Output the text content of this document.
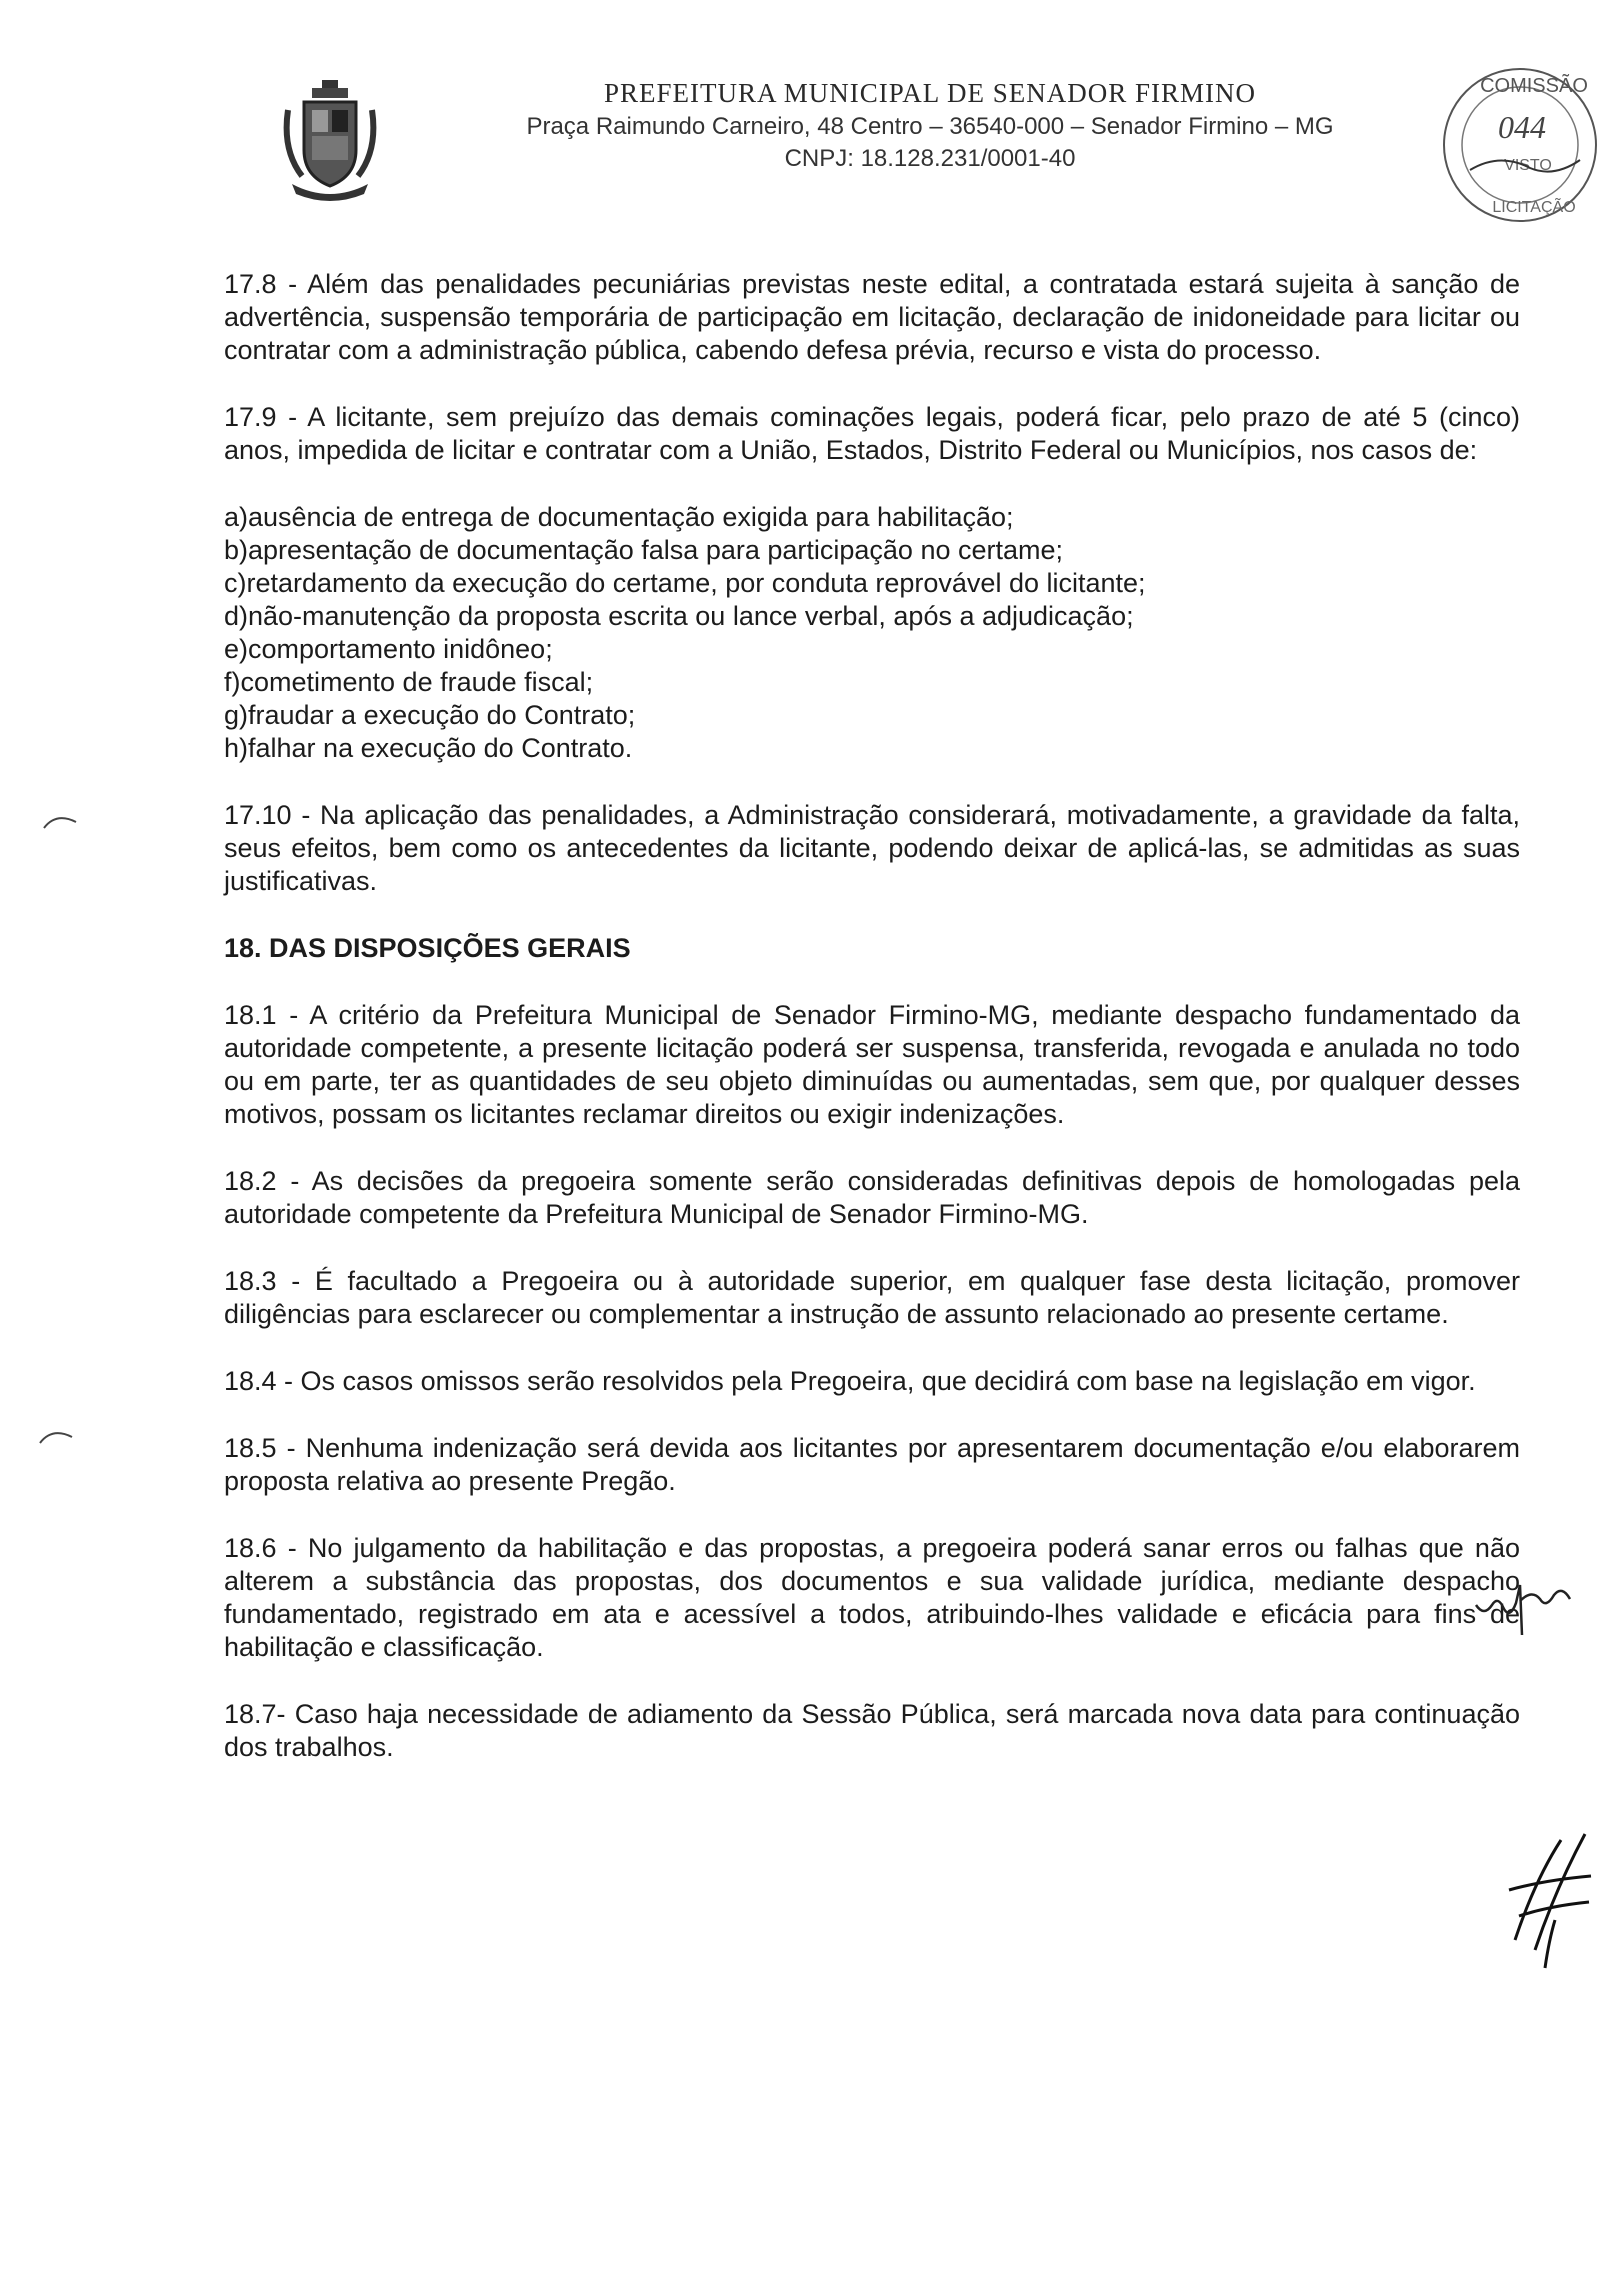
PREFEITURA MUNICIPAL DE SENADOR FIRMINO
Praça Raimundo Carneiro, 48 Centro – 36540-000 – Senador Firmino – MG
CNPJ: 18.128.231/0001-40
COMISSÃO
044
VISTO
LICITAÇÃO

17.8 - Além das penalidades pecuniárias previstas neste edital, a contratada estará sujeita à sanção de advertência, suspensão temporária de participação em licitação, declaração de inidoneidade para licitar ou contratar com a administração pública, cabendo defesa prévia, recurso e vista do processo.

17.9 - A licitante, sem prejuízo das demais cominações legais, poderá ficar, pelo prazo de até 5 (cinco) anos, impedida de licitar e contratar com a União, Estados, Distrito Federal ou Municípios, nos casos de:

a)ausência de entrega de documentação exigida para habilitação;
b)apresentação de documentação falsa para participação no certame;
c)retardamento da execução do certame, por conduta reprovável do licitante;
d)não-manutenção da proposta escrita ou lance verbal, após a adjudicação;
e)comportamento inidôneo;
f)cometimento de fraude fiscal;
g)fraudar a execução do Contrato;
h)falhar na execução do Contrato.

17.10 - Na aplicação das penalidades, a Administração considerará, motivadamente, a gravidade da falta, seus efeitos, bem como os antecedentes da licitante, podendo deixar de aplicá-las, se admitidas as suas justificativas.

18. DAS DISPOSIÇÕES GERAIS

18.1 - A critério da Prefeitura Municipal de Senador Firmino-MG, mediante despacho fundamentado da autoridade competente, a presente licitação poderá ser suspensa, transferida, revogada e anulada no todo ou em parte, ter as quantidades de seu objeto diminuídas ou aumentadas, sem que, por qualquer desses motivos, possam os licitantes reclamar direitos ou exigir indenizações.

18.2 - As decisões da pregoeira somente serão consideradas definitivas depois de homologadas pela autoridade competente da Prefeitura Municipal de Senador Firmino-MG.

18.3 - É facultado a Pregoeira ou à autoridade superior, em qualquer fase desta licitação, promover diligências para esclarecer ou complementar a instrução de assunto relacionado ao presente certame.

18.4 - Os casos omissos serão resolvidos pela Pregoeira, que decidirá com base na legislação em vigor.

18.5 - Nenhuma indenização será devida aos licitantes por apresentarem documentação e/ou elaborarem proposta relativa ao presente Pregão.

18.6 - No julgamento da habilitação e das propostas, a pregoeira poderá sanar erros ou falhas que não alterem a substância das propostas, dos documentos e sua validade jurídica, mediante despacho fundamentado, registrado em ata e acessível a todos, atribuindo-lhes validade e eficácia para fins de habilitação e classificação.

18.7- Caso haja necessidade de adiamento da Sessão Pública, será marcada nova data para continuação dos trabalhos.
